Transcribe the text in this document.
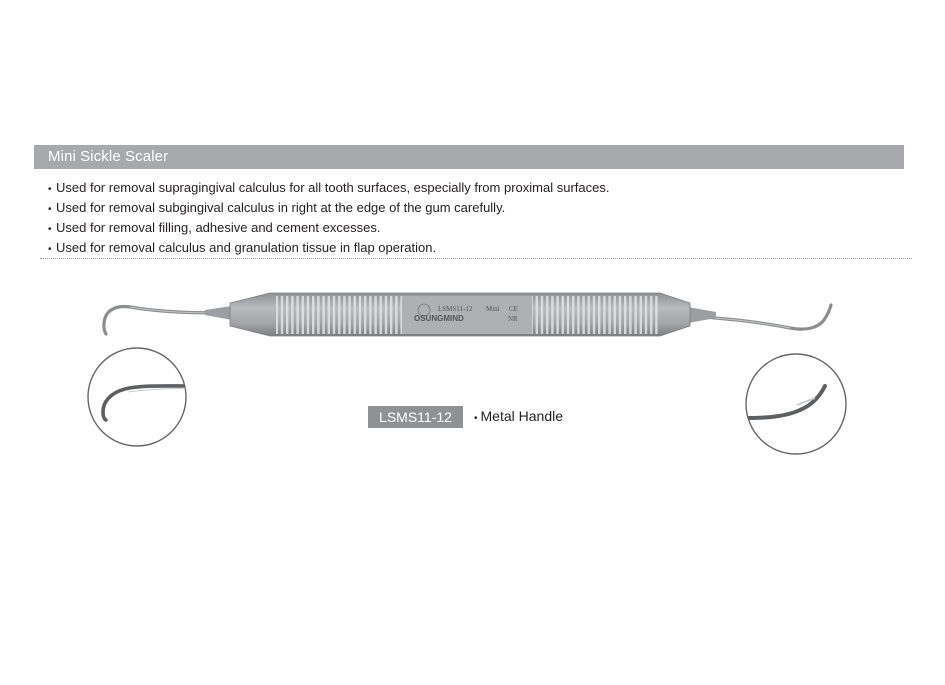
Mini Sickle Scaler
• Used for removal supragingival calculus for all tooth surfaces, especially from proximal surfaces.
• Used for removal subgingival calculus in right at the edge of the gum carefully.
• Used for removal filling, adhesive and cement excesses.
• Used for removal calculus and granulation tissue in flap operation.
LSMS11-12 Mini CE
OSUNGMIND	NR
LSMS11-12	• Metal Handle
